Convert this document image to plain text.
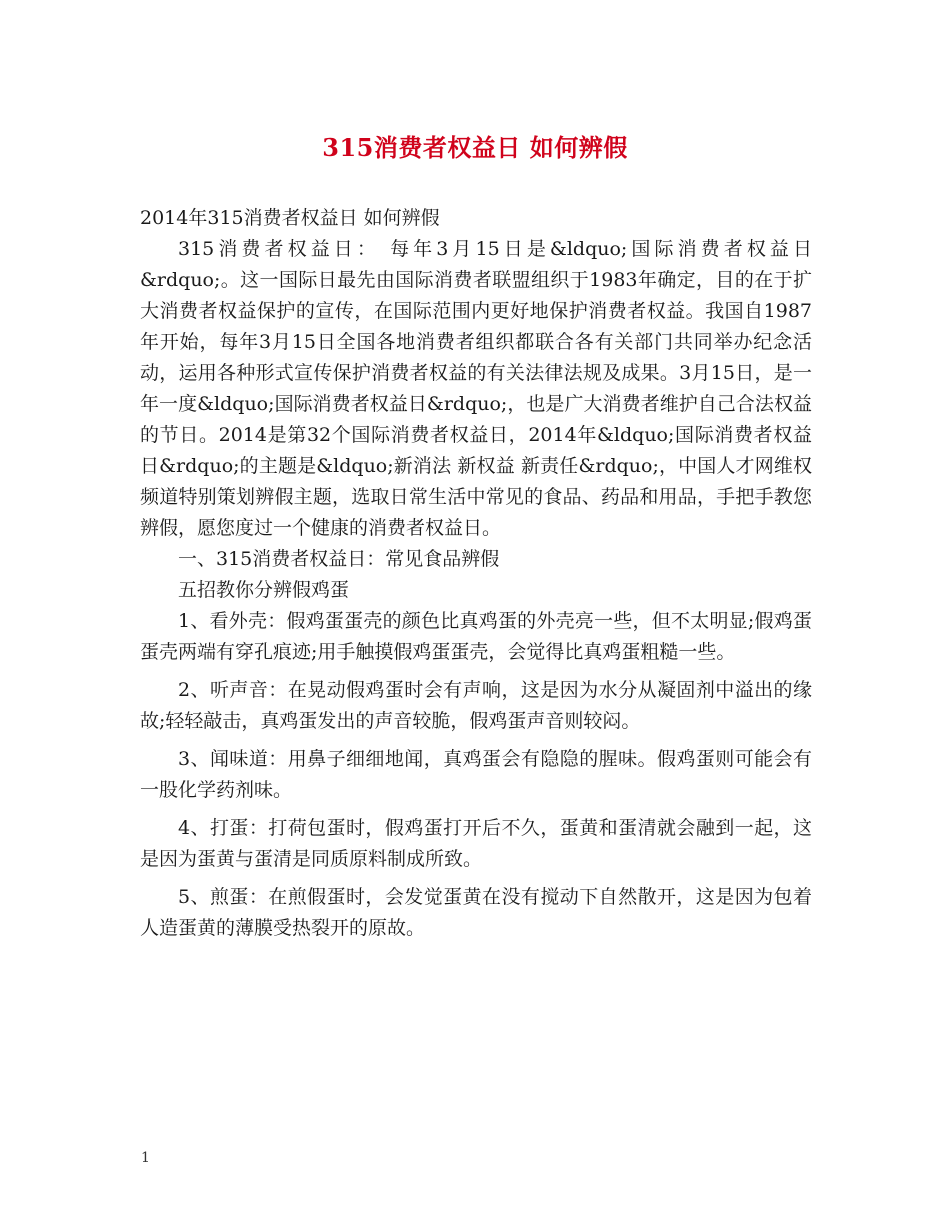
315消费者权益日 如何辨假

2014年315消费者权益日 如何辨假

315消费者权益日： 每年3月15日是&ldquo;国际消费者权益日&rdquo;。这一国际日最先由国际消费者联盟组织于1983年确定，目的在于扩大消费者权益保护的宣传，在国际范围内更好地保护消费者权益。我国自1987年开始，每年3月15日全国各地消费者组织都联合各有关部门共同举办纪念活动，运用各种形式宣传保护消费者权益的有关法律法规及成果。3月15日，是一年一度&ldquo;国际消费者权益日&rdquo;，也是广大消费者维护自己合法权益的节日。2014是第32个国际消费者权益日，2014年&ldquo;国际消费者权益日&rdquo;的主题是&ldquo;新消法 新权益 新责任&rdquo;，中国人才网维权频道特别策划辨假主题，选取日常生活中常见的食品、药品和用品，手把手教您辨假，愿您度过一个健康的消费者权益日。

一、315消费者权益日：常见食品辨假

五招教你分辨假鸡蛋

1、看外壳：假鸡蛋蛋壳的颜色比真鸡蛋的外壳亮一些，但不太明显;假鸡蛋蛋壳两端有穿孔痕迹;用手触摸假鸡蛋蛋壳，会觉得比真鸡蛋粗糙一些。

2、听声音：在晃动假鸡蛋时会有声响，这是因为水分从凝固剂中溢出的缘故;轻轻敲击，真鸡蛋发出的声音较脆，假鸡蛋声音则较闷。

3、闻味道：用鼻子细细地闻，真鸡蛋会有隐隐的腥味。假鸡蛋则可能会有一股化学药剂味。

4、打蛋：打荷包蛋时，假鸡蛋打开后不久，蛋黄和蛋清就会融到一起，这是因为蛋黄与蛋清是同质原料制成所致。

5、煎蛋：在煎假蛋时，会发觉蛋黄在没有搅动下自然散开，这是因为包着人造蛋黄的薄膜受热裂开的原故。

1
